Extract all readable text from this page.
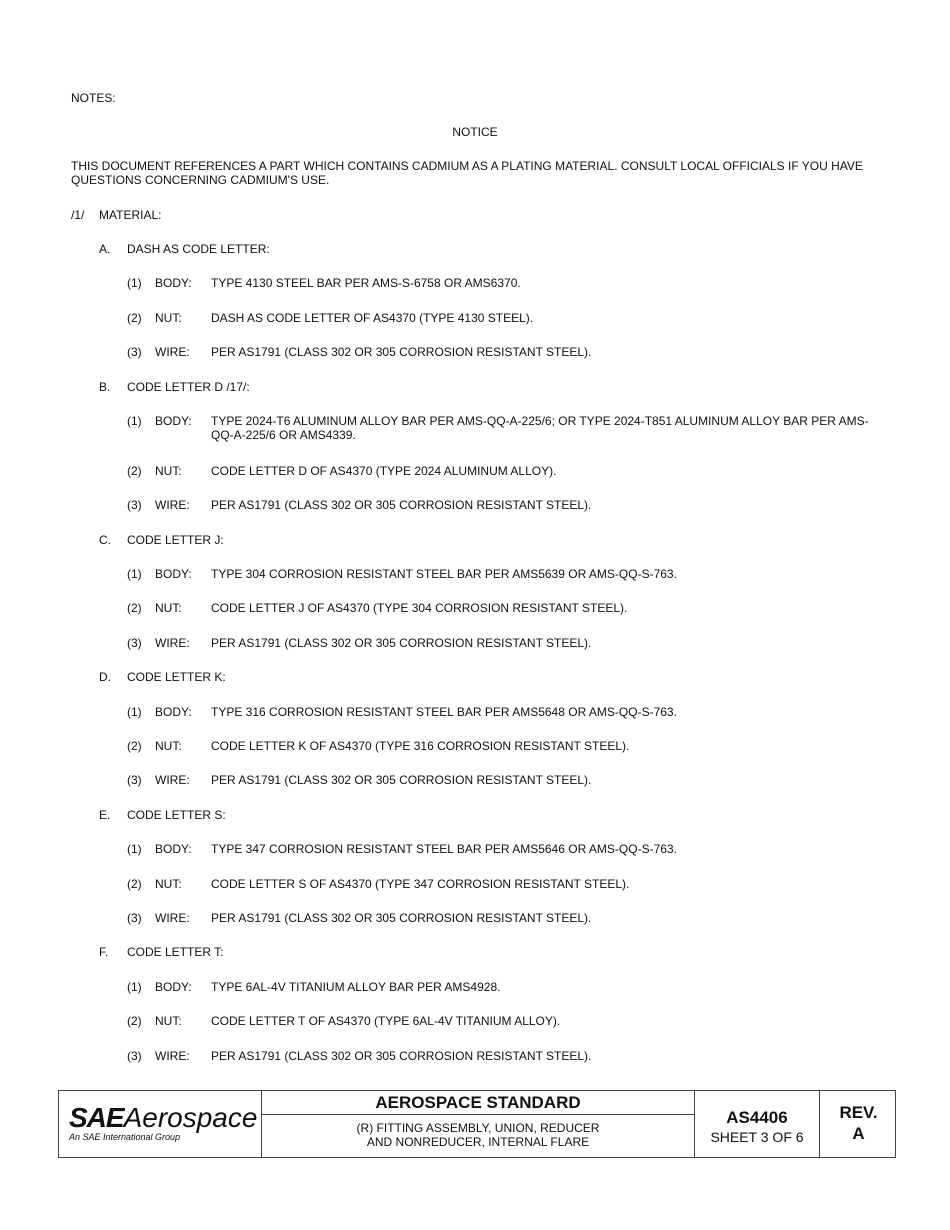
NOTES:
NOTICE
THIS DOCUMENT REFERENCES A PART WHICH CONTAINS CADMIUM AS A PLATING MATERIAL. CONSULT LOCAL OFFICIALS IF YOU HAVE QUESTIONS CONCERNING CADMIUM'S USE.
/1/ MATERIAL:
A. DASH AS CODE LETTER:
(1) BODY: TYPE 4130 STEEL BAR PER AMS-S-6758 OR AMS6370.
(2) NUT: DASH AS CODE LETTER OF AS4370 (TYPE 4130 STEEL).
(3) WIRE: PER AS1791 (CLASS 302 OR 305 CORROSION RESISTANT STEEL).
B. CODE LETTER D /17/:
(1) BODY: TYPE 2024-T6 ALUMINUM ALLOY BAR PER AMS-QQ-A-225/6; OR TYPE 2024-T851 ALUMINUM ALLOY BAR PER AMS-QQ-A-225/6 OR AMS4339.
(2) NUT: CODE LETTER D OF AS4370 (TYPE 2024 ALUMINUM ALLOY).
(3) WIRE: PER AS1791 (CLASS 302 OR 305 CORROSION RESISTANT STEEL).
C. CODE LETTER J:
(1) BODY: TYPE 304 CORROSION RESISTANT STEEL BAR PER AMS5639 OR AMS-QQ-S-763.
(2) NUT: CODE LETTER J OF AS4370 (TYPE 304 CORROSION RESISTANT STEEL).
(3) WIRE: PER AS1791 (CLASS 302 OR 305 CORROSION RESISTANT STEEL).
D. CODE LETTER K:
(1) BODY: TYPE 316 CORROSION RESISTANT STEEL BAR PER AMS5648 OR AMS-QQ-S-763.
(2) NUT: CODE LETTER K OF AS4370 (TYPE 316 CORROSION RESISTANT STEEL).
(3) WIRE: PER AS1791 (CLASS 302 OR 305 CORROSION RESISTANT STEEL).
E. CODE LETTER S:
(1) BODY: TYPE 347 CORROSION RESISTANT STEEL BAR PER AMS5646 OR AMS-QQ-S-763.
(2) NUT: CODE LETTER S OF AS4370 (TYPE 347 CORROSION RESISTANT STEEL).
(3) WIRE: PER AS1791 (CLASS 302 OR 305 CORROSION RESISTANT STEEL).
F. CODE LETTER T:
(1) BODY: TYPE 6AL-4V TITANIUM ALLOY BAR PER AMS4928.
(2) NUT: CODE LETTER T OF AS4370 (TYPE 6AL-4V TITANIUM ALLOY).
(3) WIRE: PER AS1791 (CLASS 302 OR 305 CORROSION RESISTANT STEEL).
SAEAerospace
An SAE International Group
AEROSPACE STANDARD
(R) FITTING ASSEMBLY, UNION, REDUCER
AND NONREDUCER, INTERNAL FLARE
AS4406
SHEET 3 OF 6
REV.
A
